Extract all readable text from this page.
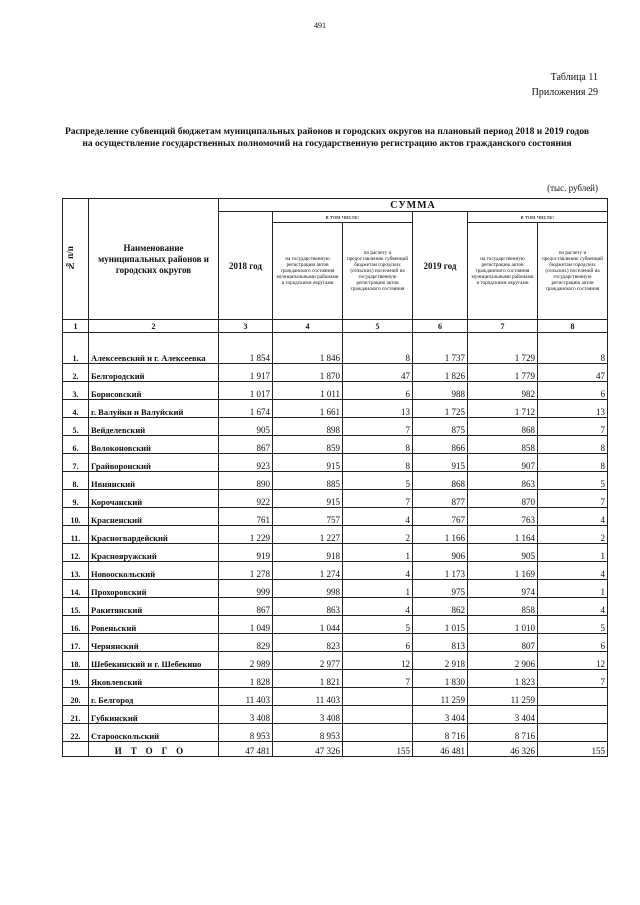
491
Таблица 11
Приложения 29
Распределение субвенций бюджетам муниципальных районов и городских округов на плановый период 2018 и 2019 годов на осуществление государственных полномочий на государственную регистрацию актов гражданского состояния
(тыс. рублей)
№ п/п	Наименование муниципальных районов и городских округов	СУММА					
		2018 год	в том числе:		2019 год	в том числе:	
			на государственную регистрацию актов гражданского состояния муниципальными районами и городскими округами	по расчету и предоставлению субвенций бюджетам городских (сельских) поселений на государственную регистрацию актов гражданского состояния		на государственную регистрацию актов гражданского состояния муниципальными районами и городскими округами	по расчету и предоставлению субвенций бюджетам городских (сельских) поселений на государственную регистрацию актов гражданского состояния
1	2	3	4	5	6	7	8
1.	Алексеевский и г. Алексеевка	1 854	1 846	8	1 737	1 729	8
2.	Белгородский	1 917	1 870	47	1 826	1 779	47
3.	Борисовский	1 017	1 011	6	988	982	6
4.	г. Валуйки и Валуйский	1 674	1 661	13	1 725	1 712	13
5.	Вейделевский	905	898	7	875	868	7
6.	Волоконовский	867	859	8	866	858	8
7.	Грайворонский	923	915	8	915	907	8
8.	Ивнянский	890	885	5	868	863	5
9.	Корочанский	922	915	7	877	870	7
10.	Красненский	761	757	4	767	763	4
11.	Красногвардейский	1 229	1 227	2	1 166	1 164	2
12.	Краснояружский	919	918	1	906	905	1
13.	Новооскольский	1 278	1 274	4	1 173	1 169	4
14.	Прохоровский	999	998	1	975	974	1
15.	Ракитянский	867	863	4	862	858	4
16.	Ровеньский	1 049	1 044	5	1 015	1 010	5
17.	Чернянский	829	823	6	813	807	6
18.	Шебекинский и г. Шебекино	2 989	2 977	12	2 918	2 906	12
19.	Яковлевский	1 828	1 821	7	1 830	1 823	7
20.	г. Белгород	11 403	11 403		11 259	11 259	
21.	Губкинский	3 408	3 408		3 404	3 404	
22.	Старооскольский	8 953	8 953		8 716	8 716	
	ИТОГО	47 481	47 326	155	46 481	46 326	155
